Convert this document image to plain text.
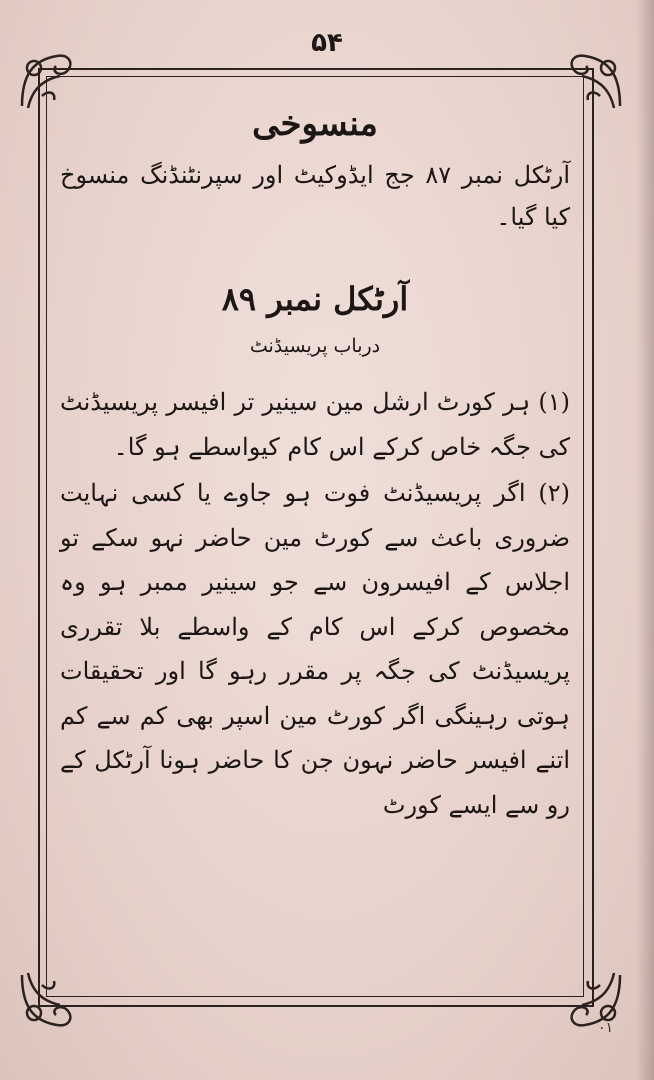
۵۴
منسوخی

آرٹکل نمبر ۸۷ جج ایڈوکیٹ اور سپرنٹنڈنگ منسوخ کیا گیا۔

آرٹکل نمبر ۸۹
درباب پریسیڈنٹ

(۱) ہر کورٹ ارشل مین سینیر تر افیسر پریسیڈنٹ کی جگہ خاص کرکے اس کام کیواسطے ہو گا۔

(۲) اگر پریسیڈنٹ فوت ہو جاوے یا کسی نہایت ضروری باعث سے کورٹ مین حاضر نہو سکے تو اجلاس کے افیسرون سے جو سینیر ممبر ہو وہ مخصوص کرکے اس کام کے واسطے بلا تقرری پریسیڈنٹ کی جگہ پر مقرر رہو گا اور تحقیقات ہوتی رہینگی اگر کورٹ مین اسپر بھی کم سے کم اتنے افیسر حاضر نہون جن کا حاضر ہونا آرٹکل کے رو سے ایسے کورٹ

۰۱
